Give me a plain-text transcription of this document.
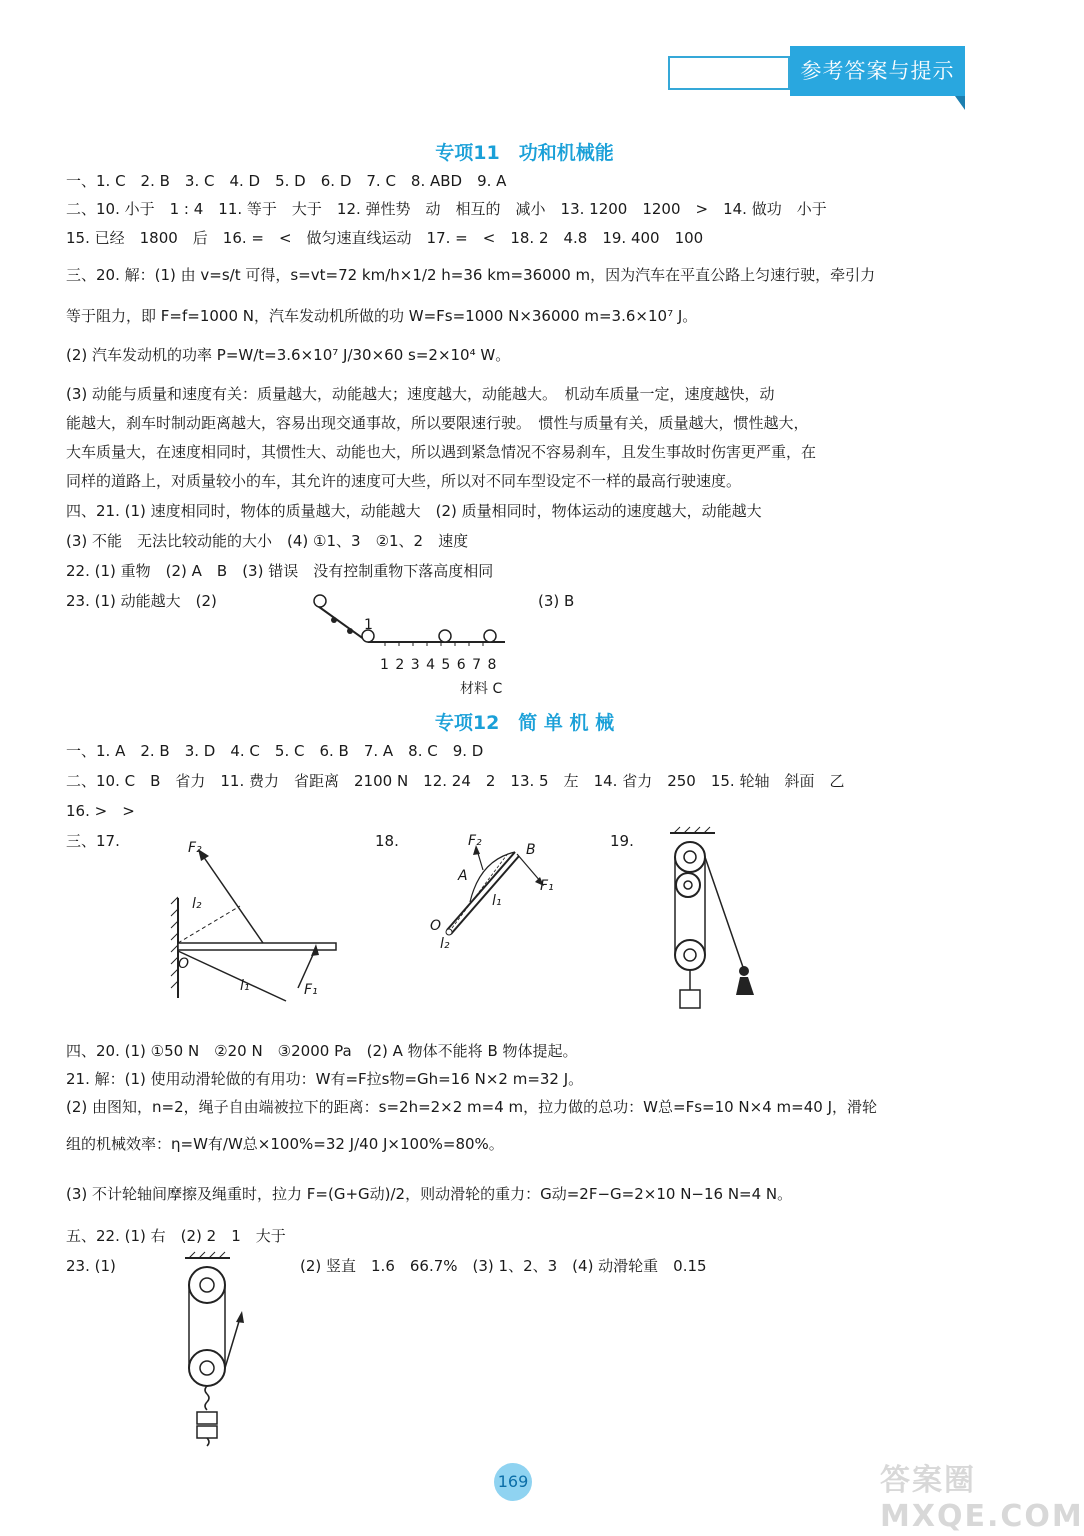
参考答案与提示
专项11　功和机械能
一、1. C　2. B　3. C　4. D　5. D　6. D　7. C　8. ABD　9. A
二、10. 小于　1 : 4　11. 等于　大于　12. 弹性势　动　相互的　减小　13. 1200　1200　>　14. 做功　小于
15. 已经　1800　后　16. =　<　做匀速直线运动　17. =　<　18. 2　4.8　19. 400　100
三、20. 解：(1) 由 v=s/t 可得，s=vt=72 km/h×1/2 h=36 km=36000 m，因为汽车在平直公路上匀速行驶，牵引力
等于阻力，即 F=f=1000 N，汽车发动机所做的功 W=Fs=1000 N×36000 m=3.6×10⁷ J。
(2) 汽车发动机的功率 P=W/t=3.6×10⁷ J/30×60 s=2×10⁴ W。
(3) 动能与质量和速度有关：质量越大，动能越大；速度越大，动能越大。　机动车质量一定，速度越快，动
能越大，刹车时制动距离越大，容易出现交通事故，所以要限速行驶。　惯性与质量有关，质量越大，惯性越大，
大车质量大，在速度相同时，其惯性大、动能也大，所以遇到紧急情况不容易刹车，且发生事故时伤害更严重，在
同样的道路上，对质量较小的车，其允许的速度可大些，所以对不同车型设定不一样的最高行驶速度。
四、21. (1) 速度相同时，物体的质量越大，动能越大　(2) 质量相同时，物体运动的速度越大，动能越大
(3) 不能　无法比较动能的大小　(4) ①1、3　②1、2　速度
22. (1) 重物　(2) A　B　(3) 错误　没有控制重物下落高度相同
23. (1) 动能越大　(2)	(3) B
1
1 2 3 4 5 6 7 8
材料 C
专项12　简 单 机 械
一、1. A　2. B　3. D　4. C　5. C　6. B　7. A　8. C　9. D
二、10. C　B　省力　11. 费力　省距离　2100 N　12. 24　2　13. 5　左　14. 省力　250　15. 轮轴　斜面　乙
16. >　>
三、17.	F₂
l₂
O
l₁	F₁
18.	F₂
B
A
F₁
l₁
O
l₂
19.
四、20. (1) ①50 N　②20 N　③2000 Pa　(2) A 物体不能将 B 物体提起。
21. 解：(1) 使用动滑轮做的有用功：W有=F拉s物=Gh=16 N×2 m=32 J。
(2) 由图知，n=2，绳子自由端被拉下的距离：s=2h=2×2 m=4 m，拉力做的总功：W总=Fs=10 N×4 m=40 J，滑轮
组的机械效率：η=W有/W总×100%=32 J/40 J×100%=80%。
(3) 不计轮轴间摩擦及绳重时，拉力 F=(G+G动)/2，则动滑轮的重力：G动=2F−G=2×10 N−16 N=4 N。
五、22. (1) 右　(2) 2　1　大于
23. (1)	(2) 竖直　1.6　66.7%　(3) 1、2、3　(4) 动滑轮重　0.15
169	答案圈 MXQE.COM
